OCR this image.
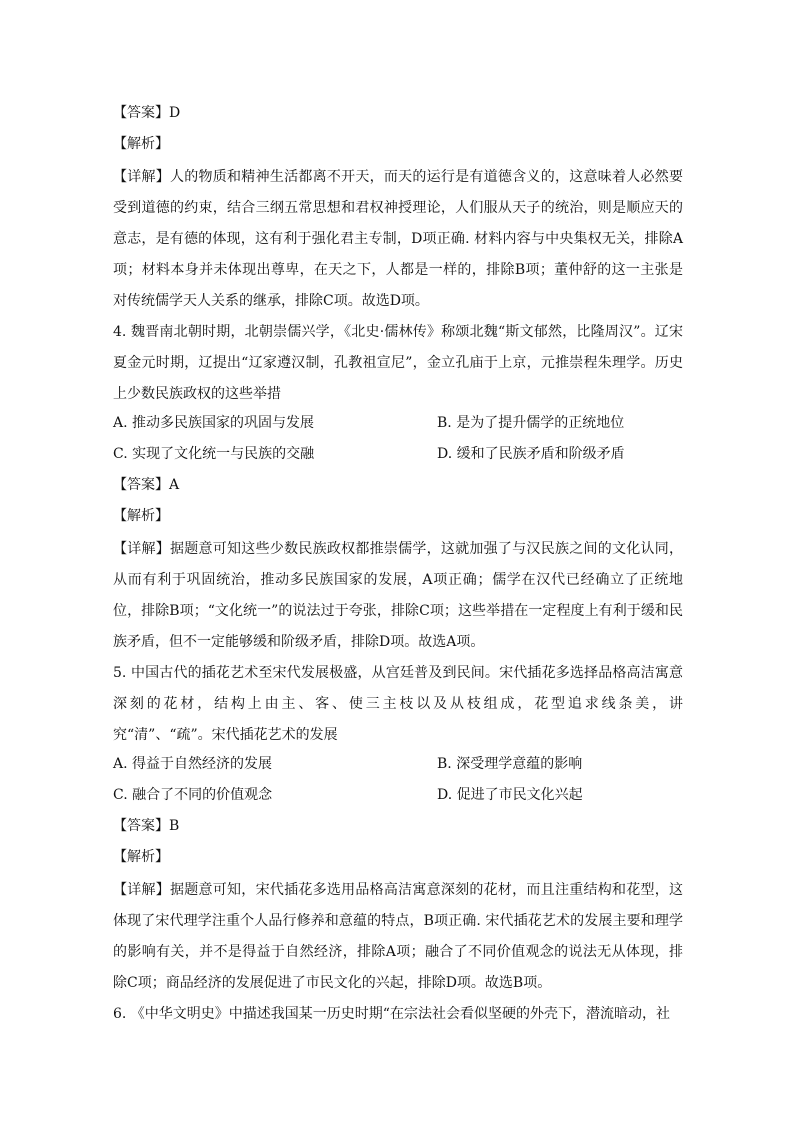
【答案】D
【解析】
【详解】人的物质和精神生活都离不开天，而天的运行是有道德含义的，这意味着人必然要受到道德的约束，结合三纲五常思想和君权神授理论，人们服从天子的统治，则是顺应天的意志，是有德的体现，这有利于强化君主专制，D项正确. 材料内容与中央集权无关，排除A项；材料本身并未体现出尊卑，在天之下，人都是一样的，排除B项；董仲舒的这一主张是对传统儒学天人关系的继承，排除C项。故选D项。
4. 魏晋南北朝时期，北朝崇儒兴学，《北史·儒林传》称颂北魏“斯文郁然，比隆周汉”。辽宋夏金元时期，辽提出“辽家遵汉制，孔教祖宣尼”，金立孔庙于上京，元推崇程朱理学。历史上少数民族政权的这些举措
A. 推动多民族国家的巩固与发展	B. 是为了提升儒学的正统地位
C. 实现了文化统一与民族的交融	D. 缓和了民族矛盾和阶级矛盾
【答案】A
【解析】
【详解】据题意可知这些少数民族政权都推崇儒学，这就加强了与汉民族之间的文化认同，从而有利于巩固统治，推动多民族国家的发展，A项正确；儒学在汉代已经确立了正统地位，排除B项；“文化统一”的说法过于夸张，排除C项；这些举措在一定程度上有利于缓和民族矛盾，但不一定能够缓和阶级矛盾，排除D项。故选A项。
5. 中国古代的插花艺术至宋代发展极盛，从宫廷普及到民间。宋代插花多选择品格高洁寓意深刻的花材，结构上由主、客、使三主枝以及从枝组成，花型追求线条美，讲究“清”、“疏”。宋代插花艺术的发展
A. 得益于自然经济的发展	B. 深受理学意蕴的影响
C. 融合了不同的价值观念	D. 促进了市民文化兴起
【答案】B
【解析】
【详解】据题意可知，宋代插花多选用品格高洁寓意深刻的花材，而且注重结构和花型，这体现了宋代理学注重个人品行修养和意蕴的特点，B项正确. 宋代插花艺术的发展主要和理学的影响有关，并不是得益于自然经济，排除A项；融合了不同价值观念的说法无从体现，排除C项；商品经济的发展促进了市民文化的兴起，排除D项。故选B项。
6. 《中华文明史》中描述我国某一历史时期“在宗法社会看似坚硬的外壳下，潜流暗动，社
